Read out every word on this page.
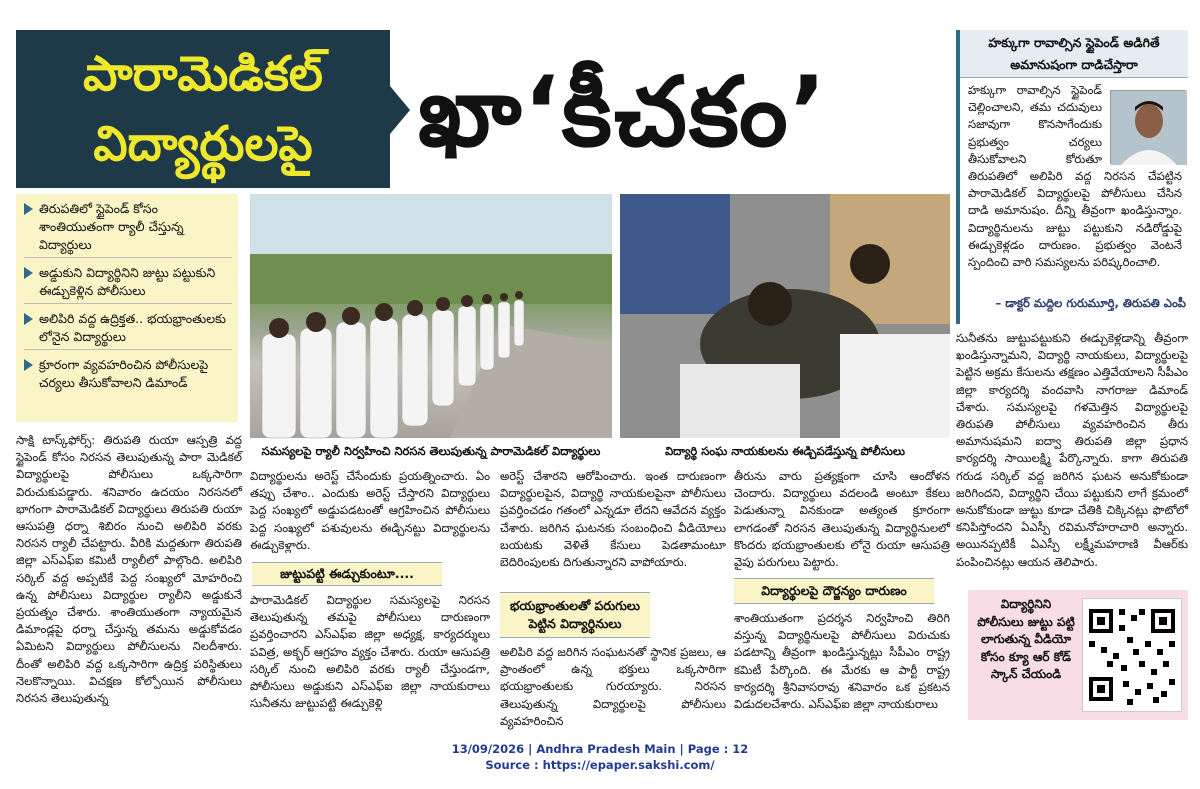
పారామెడికల్
విద్యార్థులపై	ఖా‘కీచకం’
తిరుపతిలో స్టైపెండ్ కోసం శాంతియుతంగా ర్యాలీ చేస్తున్న విద్యార్థులు
అడ్డుకుని విద్యార్థినిని జుట్టు పట్టుకుని ఈడ్చుకెళ్లిన పోలీసులు
అలిపిరి వద్ద ఉద్రిక్తత.. భయభ్రాంతులకు లోనైన విద్యార్థులు
క్రూరంగా వ్యవహరించిన పోలీసులపై చర్యలు తీసుకోవాలని డిమాండ్
సమస్యలపై ర్యాలీ నిర్వహించి నిరసన తెలుపుతున్న పారామెడికల్ విద్యార్థులు	విద్యార్థి సంఘ నాయకులను ఈడ్చిపడేస్తున్న పోలీసులు

సాక్షి టాస్క్‌ఫోర్స్: తిరుపతి రుయా ఆస్పత్రి వద్ద స్టైపెండ్ కోసం నిరసన తెలుపుతున్న పారా మెడికల్ విద్యార్థులపై పోలీసులు ఒక్కసారిగా విరుచుకుపడ్డారు. శనివారం ఉదయం నిరసనలో భాగంగా పారామెడికల్ విద్యార్థులు తిరుపతి రుయా ఆసుపత్రి ధర్నా శిబిరం నుంచి అలిపిరి వరకు నిరసన ర్యాలీ చేపట్టారు. వీరికి మద్దతుగా తిరుపతి జిల్లా ఎస్‌ఎఫ్‌ఐ కమిటీ ర్యాలీలో పాల్గొంది. అలిపిరి సర్కిల్ వద్ద అప్పటికే పెద్ద సంఖ్యలో మోహరించి ఉన్న పోలీసులు విద్యార్థుల ర్యాలీని అడ్డుకునే ప్రయత్నం చేశారు. శాంతియుతంగా న్యాయమైన డిమాండ్లపై ధర్నా చేస్తున్న తమను అడ్డుకోవడం ఏమిటని విద్యార్థులు పోలీసులను నిలదీశారు. దీంతో అలిపిరి వద్ద ఒక్కసారిగా ఉద్రిక్త పరిస్థితులు నెలకొన్నాయి. విచక్షణ కోల్పోయిన పోలీసులు నిరసన తెలుపుతున్న

విద్యార్థులను అరెస్ట్ చేసేందుకు ప్రయత్నించారు. ఏం తప్పు చేశాం.. ఎందుకు అరెస్ట్ చేస్తారని విద్యార్థులు పెద్ద సంఖ్యలో అడ్డుపడటంతో ఆగ్రహించిన పోలీసులు పెద్ద సంఖ్యలో పశువులను ఈడ్చినట్టు విద్యార్థులను ఈడ్చుకెళ్లారు.

జుట్టుపట్టి ఈడ్చుకుంటూ....

పారామెడికల్ విద్యార్థుల సమస్యలపై నిరసన తెలుపుతున్న తమపై పోలీసులు దారుణంగా ప్రవర్తించారని ఎస్‌ఎఫ్‌ఐ జిల్లా అధ్యక్ష, కార్యదర్శులు పవిత్ర, అక్బర్ ఆగ్రహం వ్యక్తం చేశారు. రుయా ఆసుపత్రి సర్కిల్ నుంచి అలిపిరి వరకు ర్యాలీ చేస్తుండగా, పోలీసులు అడ్డుకుని ఎస్‌ఎఫ్‌ఐ జిల్లా నాయకురాలు సునీతను జుట్టుపట్టి ఈడ్చుకెళ్లి

అరెస్ట్ చేశారని ఆరోపించారు. ఇంత దారుణంగా విద్యార్థులపైన, విద్యార్థి నాయకులపైనా పోలీసులు ప్రవర్తించడం గతంలో ఎన్నడూ లేదని ఆవేదన వ్యక్తం చేశారు. జరిగిన ఘటనకు సంబంధించి వీడియోలు బయటకు వెళితే కేసులు పెడతామంటూ బెదిరింపులకు దిగుతున్నారని వాపోయారు.

భయభ్రాంతులతో పరుగులు పెట్టిన విద్యార్థినులు

అలిపిరి వద్ద జరిగిన సంఘటనతో స్థానిక ప్రజలు, ఆ ప్రాంతంలో ఉన్న భక్తులు ఒక్కసారిగా భయభ్రాంతులకు గురయ్యారు. నిరసన తెలుపుతున్న విద్యార్థులపై పోలీసులు వ్యవహరించిన

తీరును వారు ప్రత్యక్షంగా చూసి ఆందోళన చెందారు. విద్యార్థులు వదలండి అంటూ కేకలు పెడుతున్నా వినకుండా అత్యంత క్రూరంగా లాగడంతో నిరసన తెలుపుతున్న విద్యార్థినులలో కొందరు భయభ్రాంతులకు లోనై రుయా ఆసుపత్రి వైపు పరుగులు పెట్టారు.

విద్యార్థులపై దౌర్జన్యం దారుణం

శాంతియుతంగా ప్రదర్శన నిర్వహించి తిరిగి వస్తున్న విద్యార్థినులపై పోలీసులు విరుచుకు పడటాన్ని తీవ్రంగా ఖండిస్తున్నట్లు సీపీఎం రాష్ట్ర కమిటీ పేర్కొంది. ఈ మేరకు ఆ పార్టీ రాష్ట్ర కార్యదర్శి శ్రీనివాసరావు శనివారం ఒక ప్రకటన విడుదలచేశారు. ఎస్‌ఎఫ్‌ఐ జిల్లా నాయకురాలు

హక్కుగా రావాల్సిన స్టైపెండ్ అడిగితే అమానుషంగా దాడిచేస్తారా
హక్కుగా రావాల్సిన స్టైపెండ్ చెల్లించాలని, తమ చదువులు సజావుగా కొనసాగేందుకు ప్రభుత్వం చర్యలు తీసుకోవాలని కోరుతూ తిరుపతిలో అలిపిరి వద్ద నిరసన చేపట్టిన పారామెడికల్ విద్యార్థులపై పోలీసులు చేసిన దాడి అమానుషం. దీన్ని తీవ్రంగా ఖండిస్తున్నాం. విద్యార్థినులను జుట్టు పట్టుకుని నడిరోడ్డుపై ఈడ్చుకెళ్లడం దారుణం. ప్రభుత్వం వెంటనే స్పందించి వారి సమస్యలను పరిష్కరించాలి.
– డాక్టర్ మద్దిల గురుమూర్తి, తిరుపతి ఎంపీ

సునీతను జుట్టుపట్టుకుని ఈడ్చుకెళ్లడాన్ని తీవ్రంగా ఖండిస్తున్నామని, విద్యార్థి నాయకులు, విద్యార్థులపై పెట్టిన అక్రమ కేసులను తక్షణం ఎత్తివేయాలని సీపీఎం జిల్లా కార్యదర్శి వందవాసి నాగరాజు డిమాండ్ చేశారు. సమస్యలపై గళమెత్తిన విద్యార్థులపై తిరుపతి పోలీసులు వ్యవహరించిన తీరు అమానుషమని ఐద్వా తిరుపతి జిల్లా ప్రధాన కార్యదర్శి సాయిలక్ష్మి పేర్కొన్నారు. కాగా తిరుపతి గరుడ సర్కిల్ వద్ద జరిగిన ఘటన అనుకోకుండా జరిగిందని, విద్యార్థిని చేయి పట్టుకుని లాగే క్రమంలో అనుకోకుండా జుట్టు కూడా చేతికి చిక్కినట్లు ఫొటోలో కనిపిస్తోందని ఏఎస్పీ రవిమనోహరాచారి అన్నారు. అయినప్పటికీ ఏఎస్పీ లక్ష్మీమహరాణి వీఆర్‌కు పంపించినట్లు ఆయన తెలిపారు.

విద్యార్థినిని పోలీసులు జుట్టు పట్టి లాగుతున్న వీడియో కోసం క్యూ ఆర్ కోడ్ స్కాన్ చేయండి
13/09/2026 | Andhra Pradesh Main | Page : 12
Source : https://epaper.sakshi.com/
